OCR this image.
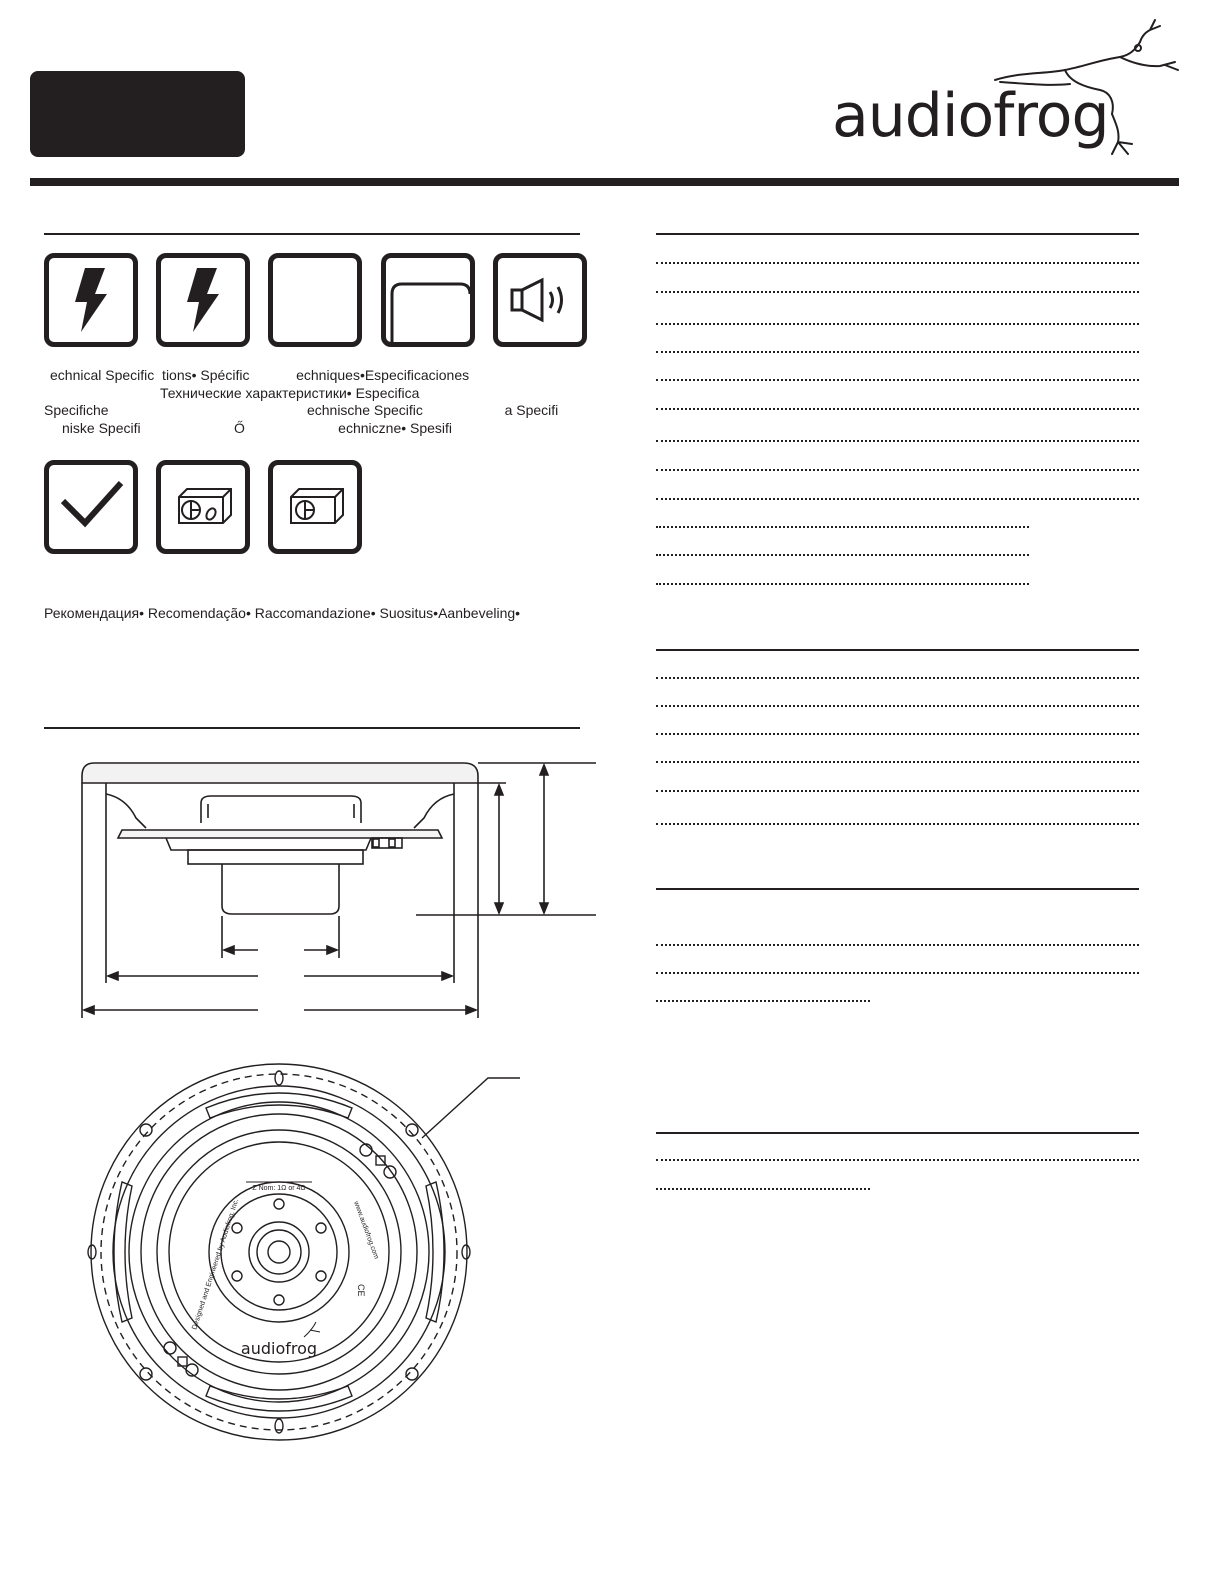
audiofrog
echnical Specific  tions• Spécific            echniques•Especificaciones
Технические характеристики• Especifica
Specifiche                                                   echnische Specific                     a Specifi
niske Specifi                        Ő                        echniczne• Spesifi
Рекомендация• Recomendação• Raccomandazione• Suositus•Aanbeveling•
Z Nom: 1Ω or 4Ω
www.audiofrog.com
Designed and Engineered by Audiofrog, Inc.	CE
audiofrog
